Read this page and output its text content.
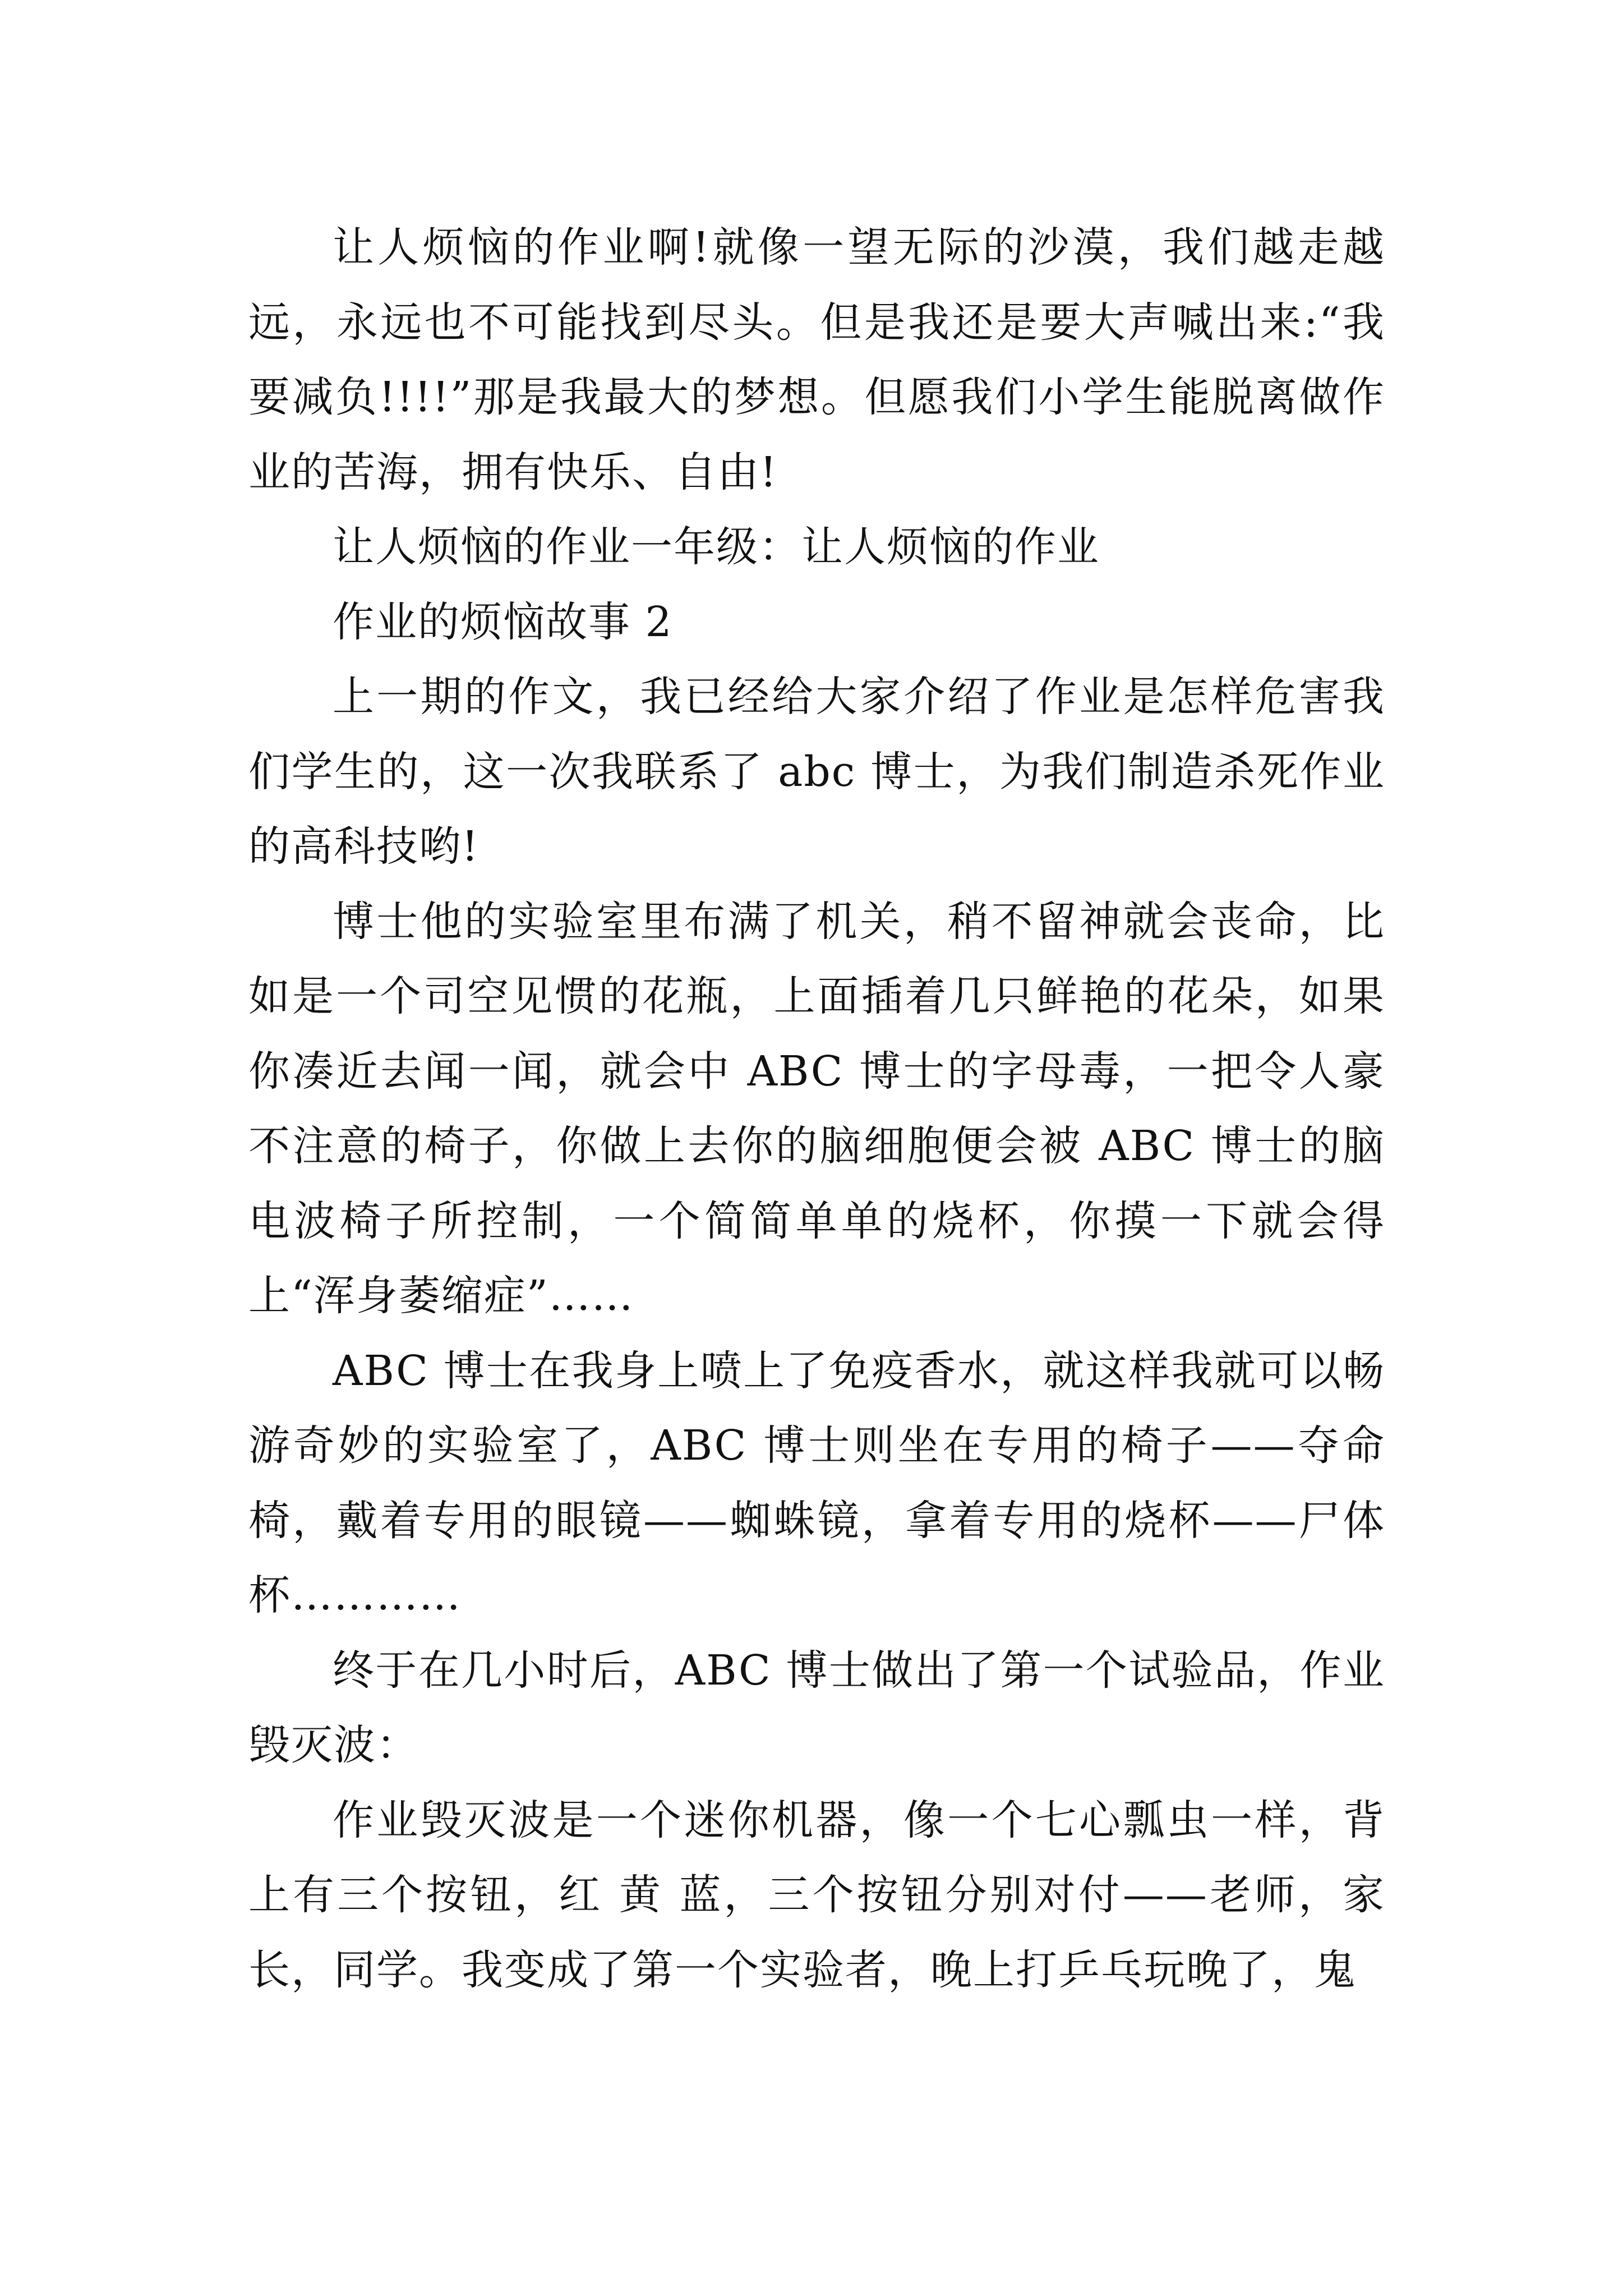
让人烦恼的作业啊!就像一望无际的沙漠，我们越走越远，永远也不可能找到尽头。但是我还是要大声喊出来:“我要减负!!!!”那是我最大的梦想。但愿我们小学生能脱离做作业的苦海，拥有快乐、自由!

让人烦恼的作业一年级：让人烦恼的作业

作业的烦恼故事 2

上一期的作文，我已经给大家介绍了作业是怎样危害我们学生的，这一次我联系了 abc 博士，为我们制造杀死作业的高科技哟!

博士他的实验室里布满了机关，稍不留神就会丧命，比如是一个司空见惯的花瓶，上面插着几只鲜艳的花朵，如果你凑近去闻一闻，就会中 ABC 博士的字母毒，一把令人豪不注意的椅子，你做上去你的脑细胞便会被 ABC 博士的脑电波椅子所控制，一个简简单单的烧杯，你摸一下就会得上“浑身萎缩症”……

ABC 博士在我身上喷上了免疫香水，就这样我就可以畅游奇妙的实验室了，ABC 博士则坐在专用的椅子——夺命椅，戴着专用的眼镜——蜘蛛镜，拿着专用的烧杯——尸体杯…………

终于在几小时后，ABC 博士做出了第一个试验品，作业毁灭波：

作业毁灭波是一个迷你机器，像一个七心瓢虫一样，背上有三个按钮，红 黄 蓝，三个按钮分别对付——老师，家长，同学。我变成了第一个实验者，晚上打乒乓玩晚了，鬼
